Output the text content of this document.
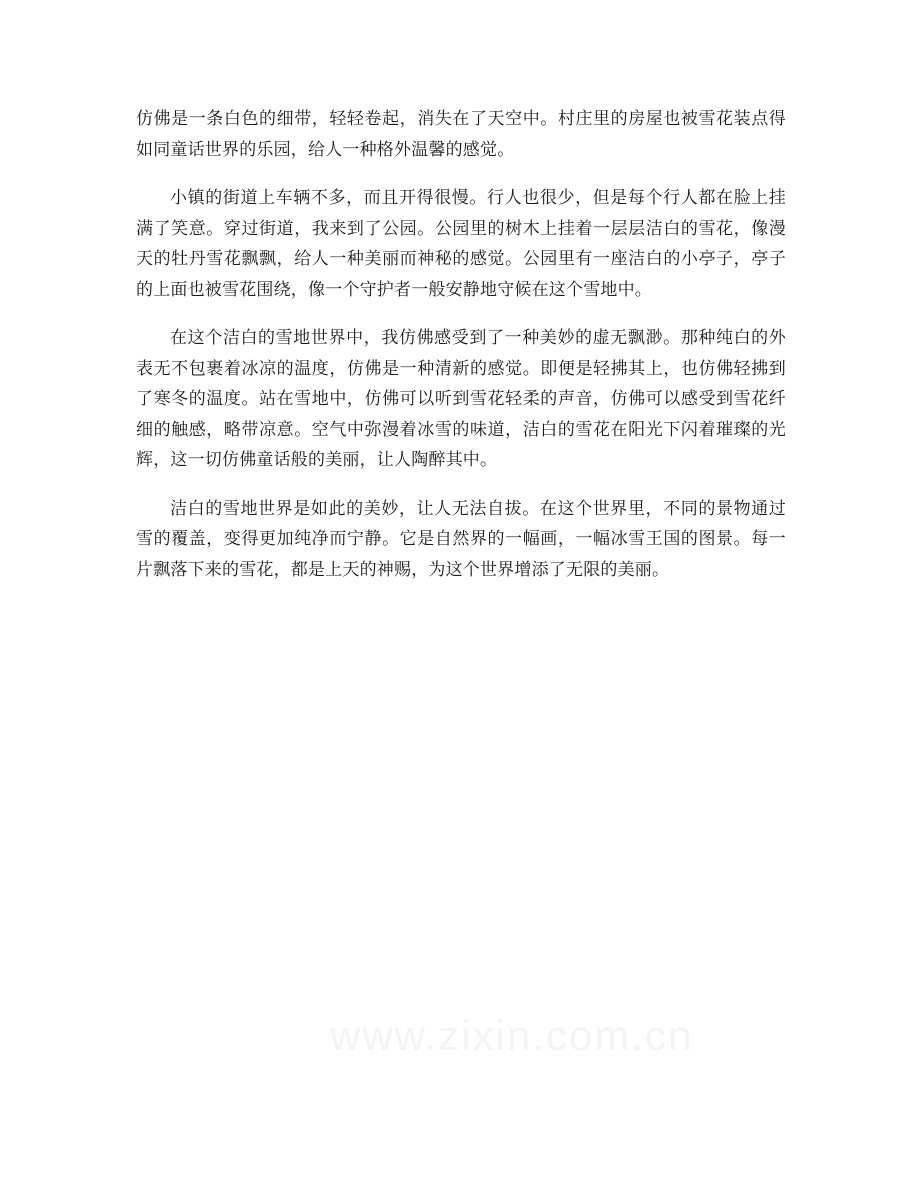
仿佛是一条白色的细带，轻轻卷起，消失在了天空中。村庄里的房屋也被雪花装点得如同童话世界的乐园，给人一种格外温馨的感觉。

小镇的街道上车辆不多，而且开得很慢。行人也很少，但是每个行人都在脸上挂满了笑意。穿过街道，我来到了公园。公园里的树木上挂着一层层洁白的雪花，像漫天的牡丹雪花飘飘，给人一种美丽而神秘的感觉。公园里有一座洁白的小亭子，亭子的上面也被雪花围绕，像一个守护者一般安静地守候在这个雪地中。

在这个洁白的雪地世界中，我仿佛感受到了一种美妙的虚无飘渺。那种纯白的外表无不包裹着冰凉的温度，仿佛是一种清新的感觉。即便是轻拂其上，也仿佛轻拂到了寒冬的温度。站在雪地中，仿佛可以听到雪花轻柔的声音，仿佛可以感受到雪花纤细的触感，略带凉意。空气中弥漫着冰雪的味道，洁白的雪花在阳光下闪着璀璨的光辉，这一切仿佛童话般的美丽，让人陶醉其中。

洁白的雪地世界是如此的美妙，让人无法自拔。在这个世界里，不同的景物通过雪的覆盖，变得更加纯净而宁静。它是自然界的一幅画，一幅冰雪王国的图景。每一片飘落下来的雪花，都是上天的神赐，为这个世界增添了无限的美丽。

www.zixin.com.cn
